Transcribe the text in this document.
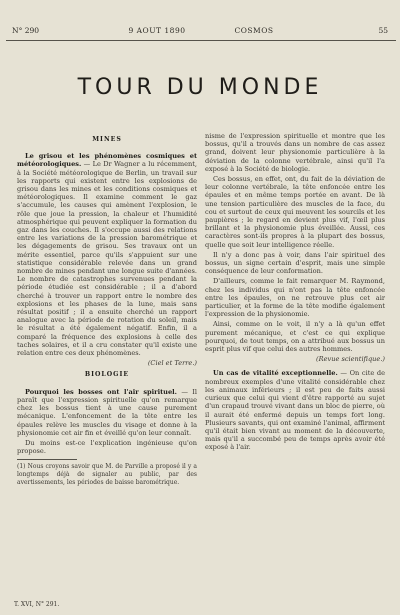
N° 290	9 AOUT 1890	COSMOS	55
TOUR DU MONDE
MINES

Le grisou et les phénomènes cosmiques et météorologiques. — Le Dr Wagner a lu récemment, à la Société météorologique de Berlin, un travail sur les rapports qui existent entre les explosions de grisou dans les mines et les conditions cosmiques et météorologiques. Il examine comment le gaz s'accumule, les causes qui amènent l'explosion, le rôle que joue la pression, la chaleur et l'humidité atmosphérique qui peuvent expliquer la formation du gaz dans les couches. Il s'occupe aussi des relations entre les variations de la pression barométrique et les dégagements de grisou. Ses travaux ont un mérite essentiel, parce qu'ils s'appuient sur une statistique considérable relevée dans un grand nombre de mines pendant une longue suite d'années. Le nombre de catastrophes survenues pendant la période étudiée est considérable ; il a d'abord cherché à trouver un rapport entre le nombre des explosions et les phases de la lune, mais sans résultat positif ; il a ensuite cherché un rapport analogue avec la période de rotation du soleil, mais le résultat a été également négatif. Enfin, il a comparé la fréquence des explosions à celle des taches solaires, et il a cru constater qu'il existe une relation entre ces deux phénomènes.

(Ciel et Terre.)
BIOLOGIE

Pourquoi les bosses ont l'air spirituel. — Il paraît que l'expression spirituelle qu'on remarque chez les bossus tient à une cause purement mécanique. L'enfoncement de la tête entre les épaules relève les muscles du visage et donne à la physionomie cet air fin et éveillé qu'on leur connaît.

Du moins est-ce l'explication ingénieuse qu'on propose.

(1) Nous croyons savoir que M. de Parville a proposé il y a longtemps déjà de signaler au public, par des avertissements, les périodes de baisse barométrique.

nisme de l'expression spirituelle et montre que les bossus, qu'il a trouvés dans un nombre de cas assez grand, doivent leur physionomie particulière à la déviation de la colonne vertébrale, ainsi qu'il l'a exposé à la Société de biologie.

Ces bossus, en effet, ont, du fait de la déviation de leur colonne vertébrale, la tête enfoncée entre les épaules et en même temps portée en avant. De là une tension particulière des muscles de la face, du cou et surtout de ceux qui meuvent les sourcils et les paupières ; le regard en devient plus vif, l'œil plus brillant et la physionomie plus éveillée. Aussi, ces caractères sont-ils propres à la plupart des bossus, quelle que soit leur intelligence réelle.

Il n'y a donc pas à voir, dans l'air spirituel des bossus, un signe certain d'esprit, mais une simple conséquence de leur conformation.

D'ailleurs, comme le fait remarquer M. Raymond, chez les individus qui n'ont pas la tête enfoncée entre les épaules, on ne retrouve plus cet air particulier, et la forme de la tête modifie également l'expression de la physionomie.

Ainsi, comme on le voit, il n'y a là qu'un effet purement mécanique, et c'est ce qui explique pourquoi, de tout temps, on a attribué aux bossus un esprit plus vif que celui des autres hommes.

(Revue scientifique.)

Un cas de vitalité exceptionnelle. — On cite de nombreux exemples d'une vitalité considérable chez les animaux inférieurs ; il est peu de faits aussi curieux que celui qui vient d'être rapporté au sujet d'un crapaud trouvé vivant dans un bloc de pierre, où il aurait été enfermé depuis un temps fort long. Plusieurs savants, qui ont examiné l'animal, affirment qu'il était bien vivant au moment de la découverte, mais qu'il a succombé peu de temps après avoir été exposé à l'air.

T. XVI, N° 291.
